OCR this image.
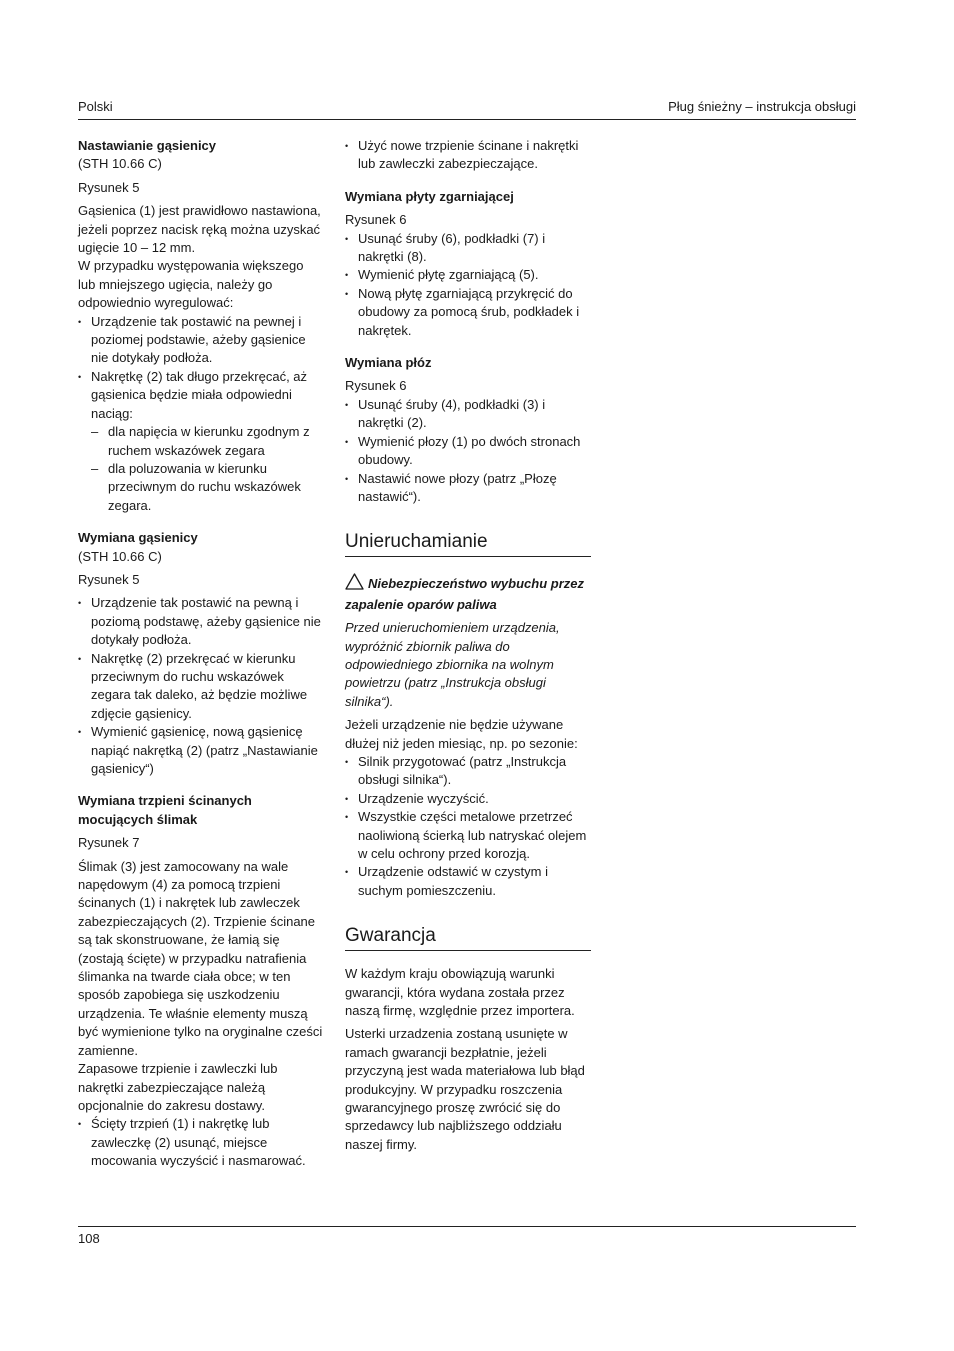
Polski	Pług śnieżny – instrukcja obsługi

Nastawianie gąsienicy

(STH 10.66 C)

Rysunek 5

Gąsienica (1) jest prawidłowo nastawiona, jeżeli poprzez nacisk ręką można uzyskać ugięcie 10 – 12 mm.

W przypadku występowania większego lub mniejszego ugięcia, należy go odpowiednio wyregulować:

• Urządzenie tak postawić na pewnej i poziomej podstawie, ażeby gąsienice nie dotykały podłoża.
• Nakrętkę (2) tak długo przekręcać, aż gąsienica będzie miała odpowiedni naciąg:
– dla napięcia w kierunku zgodnym z ruchem wskazówek zegara
– dla poluzowania w kierunku przeciwnym do ruchu wskazówek zegara.

Wymiana gąsienicy

(STH 10.66 C)

Rysunek 5

• Urządzenie tak postawić na pewną i poziomą podstawę, ażeby gąsienice nie dotykały podłoża.
• Nakrętkę (2) przekręcać w kierunku przeciwnym do ruchu wskazówek zegara tak daleko, aż będzie możliwe zdjęcie gąsienicy.
• Wymienić gąsienicę, nową gąsienicę napiąć nakrętką (2) (patrz „Nastawianie gąsienicy“)

Wymiana trzpieni ścinanych mocujących ślimak

Rysunek 7

Ślimak (3) jest zamocowany na wale napędowym (4) za pomocą trzpieni ścinanych (1) i nakrętek lub zawleczek zabezpieczających (2). Trzpienie ścinane są tak skonstruowane, że łamią się (zostają ścięte) w przypadku natrafienia ślimanka na twarde ciała obce; w ten sposób zapobiega się uszkodzeniu urządzenia. Te właśnie elementy muszą być wymienione tylko na oryginalne cześci zamienne.

Zapasowe trzpienie i zawleczki lub nakrętki zabezpieczające należą opcjonalnie do zakresu dostawy.

• Ścięty trzpień (1) i nakrętkę lub zawleczkę (2) usunąć, miejsce mocowania wyczyścić i nasmarować.
• Użyć nowe trzpienie ścinane i nakrętki lub zawleczki zabezpieczające.

Wymiana płyty zgarniającej

Rysunek 6

• Usunąć śruby (6), podkładki (7) i nakrętki (8).
• Wymienić płytę zgarniającą (5).
• Nową płytę zgarniającą przykręcić do obudowy za pomocą śrub, podkładek i nakrętek.

Wymiana płóz

Rysunek 6

• Usunąć śruby (4), podkładki (3) i nakrętki (2).
• Wymienić płozy (1) po dwóch stronach obudowy.
• Nastawić nowe płozy (patrz „Płozę nastawić“).
Unieruchamianie

Niebezpieczeństwo wybuchu przez zapalenie oparów paliwa

Przed unieruchomieniem urządzenia, wypróżnić zbiornik paliwa do odpowiedniego zbiornika na wolnym powietrzu (patrz „Instrukcja obsługi silnika“).

Jeżeli urządzenie nie będzie używane dłużej niż jeden miesiąc, np. po sezonie:

• Silnik przygotować (patrz „Instrukcja obsługi silnika“).
• Urządzenie wyczyścić.
• Wszystkie części metalowe przetrzeć naoliwioną ścierką lub natryskać olejem w celu ochrony przed korozją.
• Urządzenie odstawić w czystym i suchym pomieszczeniu.
Gwarancja

W każdym kraju obowiązują warunki gwarancji, która wydana została przez naszą firmę, względnie przez importera.

Usterki urzadzenia zostaną usunięte w ramach gwarancji bezpłatnie, jeżeli przyczyną jest wada materiałowa lub błąd produkcyjny. W przypadku roszczenia gwarancyjnego proszę zwrócić się do sprzedawcy lub najbliższego oddziału naszej firmy.

108
